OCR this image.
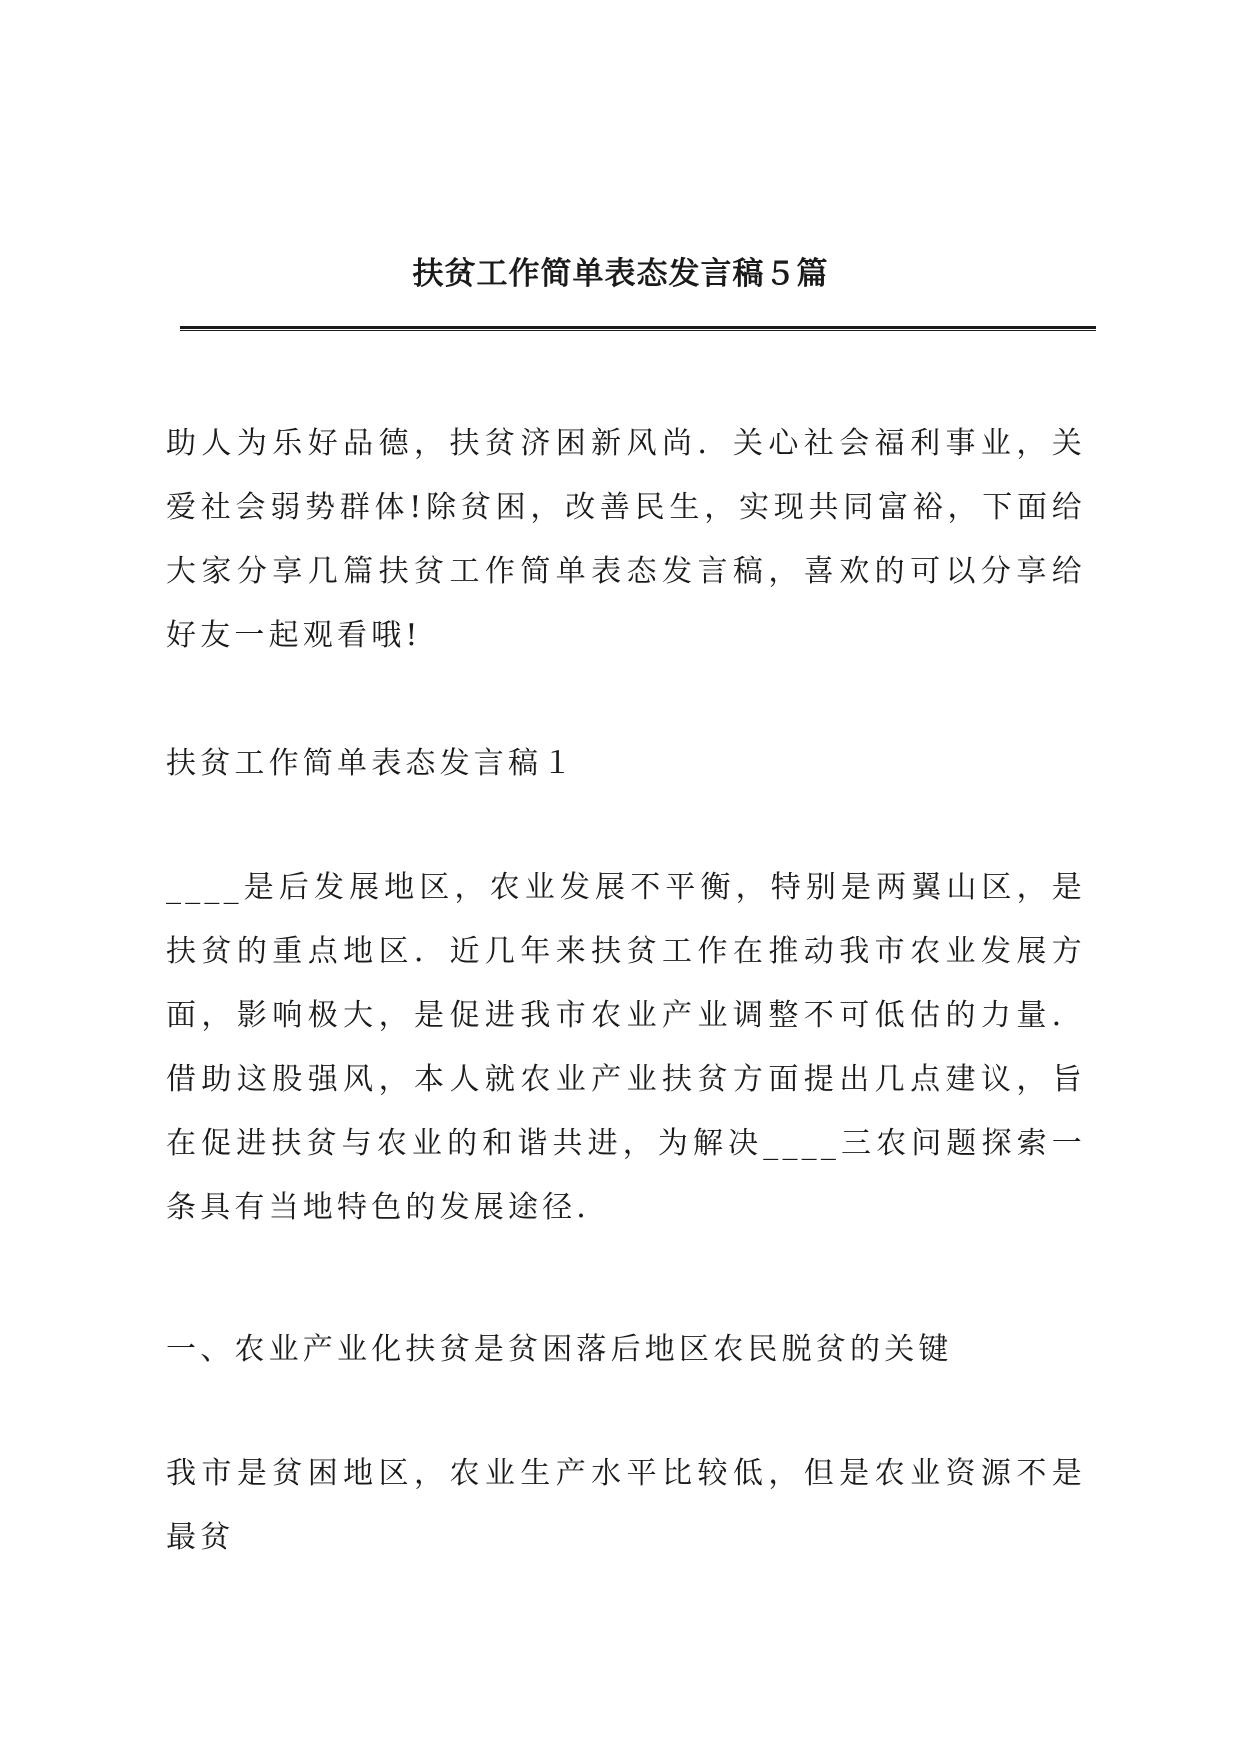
扶贫工作简单表态发言稿５篇

助人为乐好品德，扶贫济困新风尚．关心社会福利事业，关爱社会弱势群体!除贫困，改善民生，实现共同富裕，下面给大家分享几篇扶贫工作简单表态发言稿，喜欢的可以分享给好友一起观看哦!

扶贫工作简单表态发言稿１

____是后发展地区，农业发展不平衡，特别是两翼山区，是扶贫的重点地区．近几年来扶贫工作在推动我市农业发展方面，影响极大，是促进我市农业产业调整不可低估的力量．借助这股强风，本人就农业产业扶贫方面提出几点建议，旨在促进扶贫与农业的和谐共进，为解决____三农问题探索一条具有当地特色的发展途径．

一、农业产业化扶贫是贫困落后地区农民脱贫的关键

我市是贫困地区，农业生产水平比较低，但是农业资源不是最贫
